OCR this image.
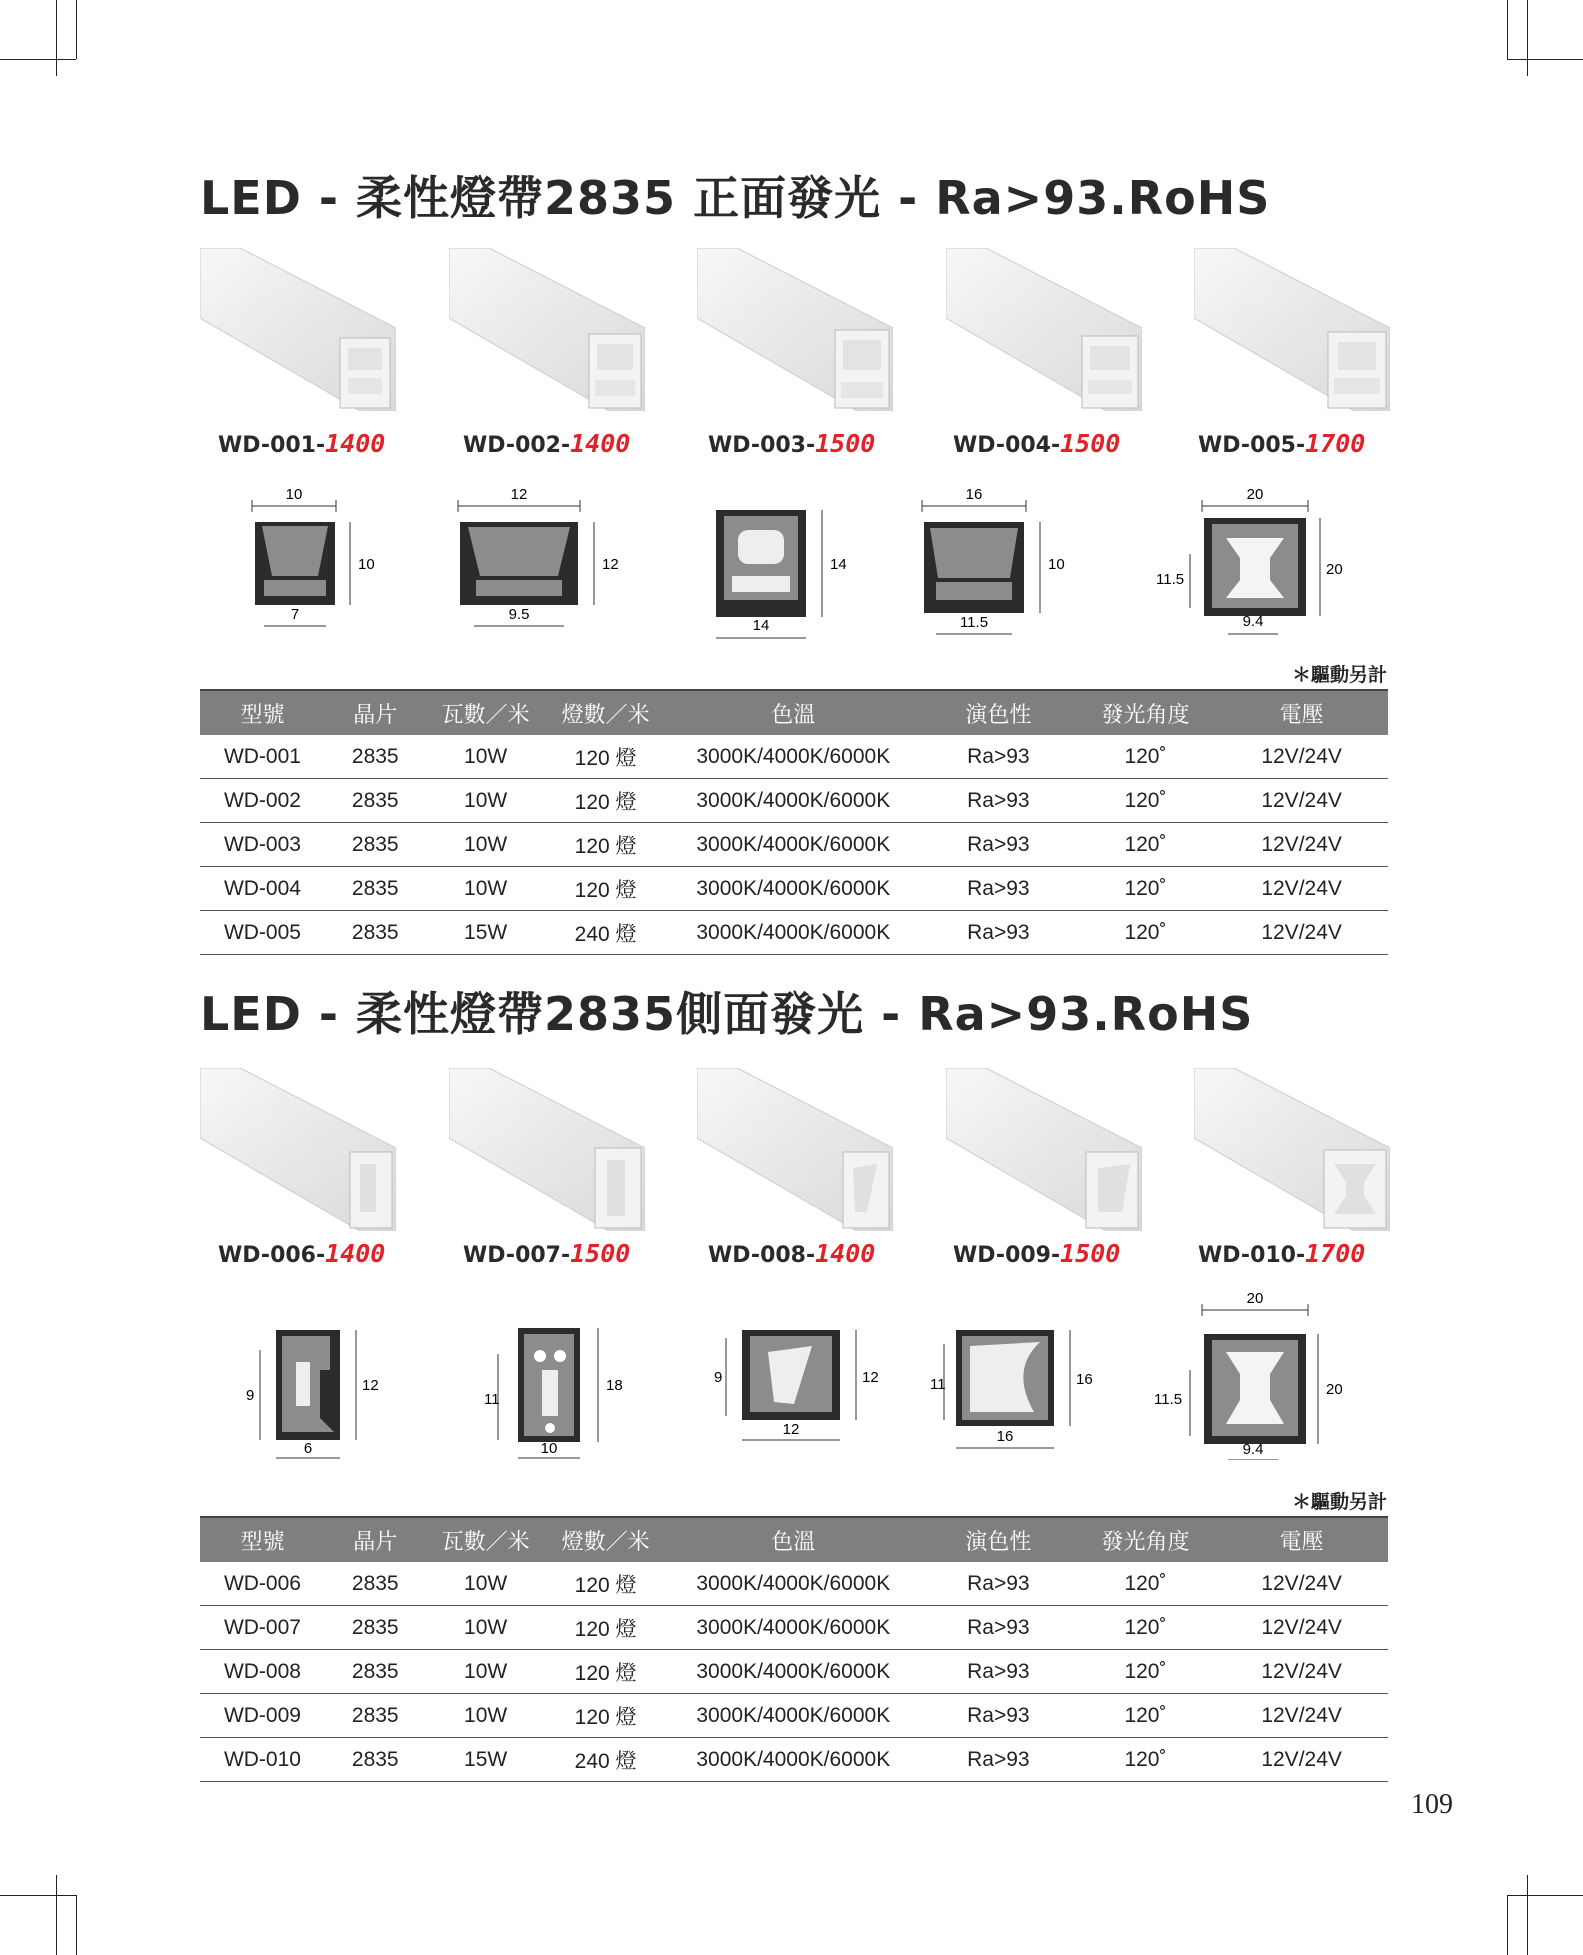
LED - 柔性燈帶2835 正面發光 - Ra>93.RoHS
WD-001-1400	WD-002-1400	WD-003-1500	WD-004-1500	WD-005-1700
10
10
7
12
12
9.5
14
14
16
10
11.5
20
20
11.5
9.4
＊驅動另計
型號	晶片	瓦數／米	燈數／米	色溫	演色性	發光角度	電壓
WD-001	2835	10W	120 燈	3000K/4000K/6000K	Ra>93	120˚	12V/24V
WD-002	2835	10W	120 燈	3000K/4000K/6000K	Ra>93	120˚	12V/24V
WD-003	2835	10W	120 燈	3000K/4000K/6000K	Ra>93	120˚	12V/24V
WD-004	2835	10W	120 燈	3000K/4000K/6000K	Ra>93	120˚	12V/24V
WD-005	2835	15W	240 燈	3000K/4000K/6000K	Ra>93	120˚	12V/24V
LED - 柔性燈帶2835側面發光 - Ra>93.RoHS
WD-006-1400	WD-007-1500	WD-008-1400	WD-009-1500	WD-010-1700
9
12
6
11
18
10
9	12
12
11	16
16
20
20
11.5
9.4
＊驅動另計
型號	晶片	瓦數／米	燈數／米	色溫	演色性	發光角度	電壓
WD-006	2835	10W	120 燈	3000K/4000K/6000K	Ra>93	120˚	12V/24V
WD-007	2835	10W	120 燈	3000K/4000K/6000K	Ra>93	120˚	12V/24V
WD-008	2835	10W	120 燈	3000K/4000K/6000K	Ra>93	120˚	12V/24V
WD-009	2835	10W	120 燈	3000K/4000K/6000K	Ra>93	120˚	12V/24V
WD-010	2835	15W	240 燈	3000K/4000K/6000K	Ra>93	120˚	12V/24V
109
